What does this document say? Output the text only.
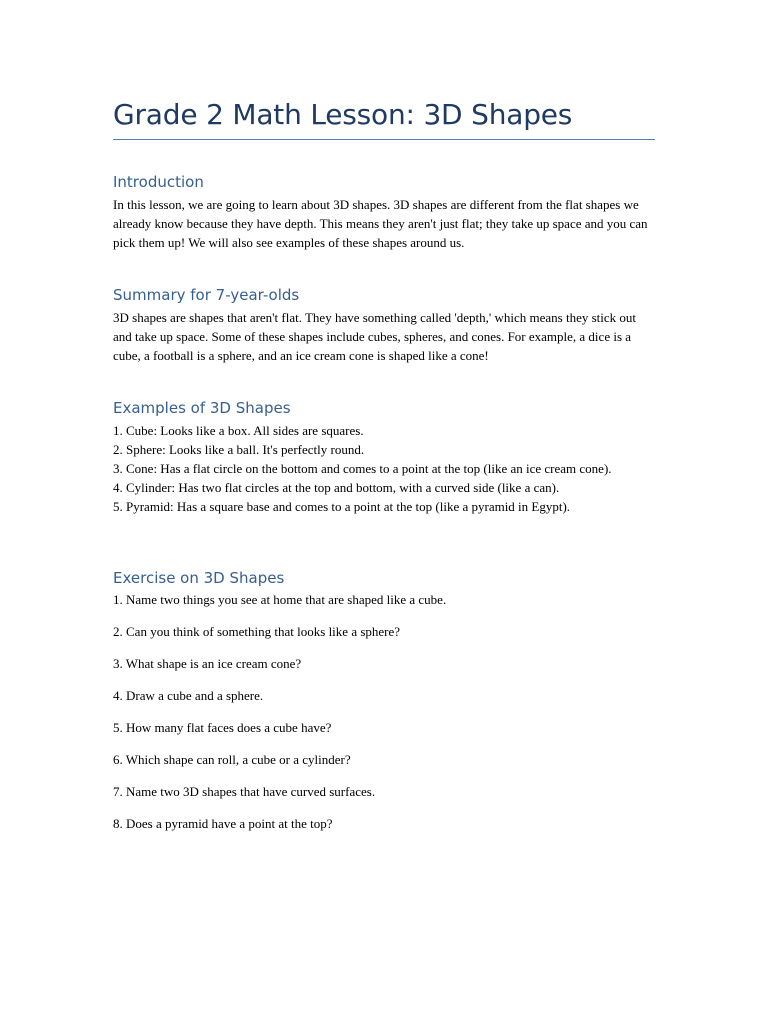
Grade 2 Math Lesson: 3D Shapes
Introduction

In this lesson, we are going to learn about 3D shapes. 3D shapes are different from the flat shapes we already know because they have depth. This means they aren't just flat; they take up space and you can pick them up! We will also see examples of these shapes around us.

Summary for 7-year-olds

3D shapes are shapes that aren't flat. They have something called 'depth,' which means they stick out and take up space. Some of these shapes include cubes, spheres, and cones. For example, a dice is a cube, a football is a sphere, and an ice cream cone is shaped like a cone!

Examples of 3D Shapes

1. Cube: Looks like a box. All sides are squares.

2. Sphere: Looks like a ball. It's perfectly round.

3. Cone: Has a flat circle on the bottom and comes to a point at the top (like an ice cream cone).

4. Cylinder: Has two flat circles at the top and bottom, with a curved side (like a can).

5. Pyramid: Has a square base and comes to a point at the top (like a pyramid in Egypt).

Exercise on 3D Shapes

1. Name two things you see at home that are shaped like a cube.

2. Can you think of something that looks like a sphere?

3. What shape is an ice cream cone?

4. Draw a cube and a sphere.

5. How many flat faces does a cube have?

6. Which shape can roll, a cube or a cylinder?

7. Name two 3D shapes that have curved surfaces.

8. Does a pyramid have a point at the top?
